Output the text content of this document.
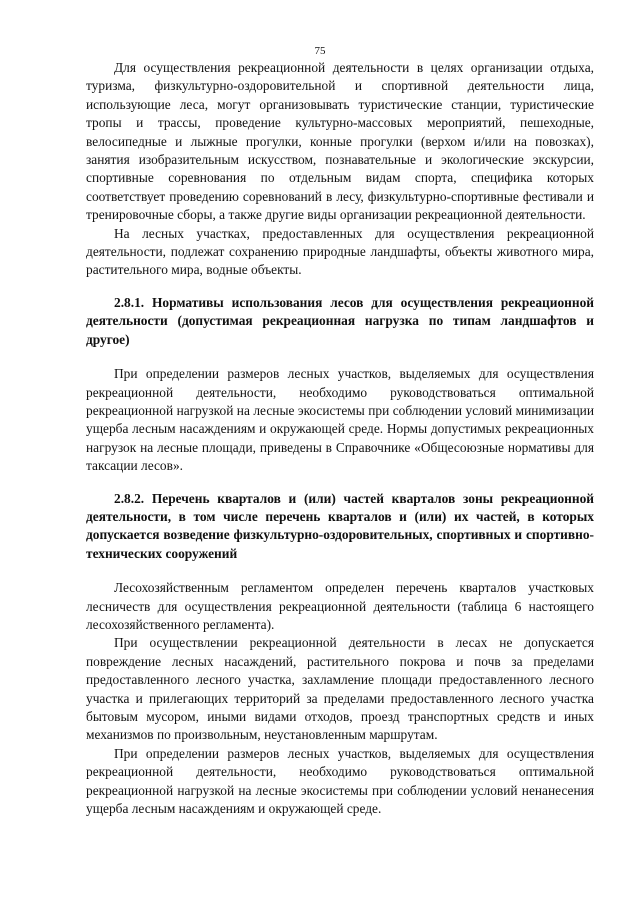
75

Для осуществления рекреационной деятельности в целях организации отдыха, туризма, физкультурно-оздоровительной и спортивной деятельности лица, использующие леса, могут организовывать туристические станции, туристические тропы и трассы, проведение культурно-массовых мероприятий, пешеходные, велосипедные и лыжные прогулки, конные прогулки (верхом и/или на повозках), занятия изобразительным искусством, познавательные и экологические экскурсии, спортивные соревнования по отдельным видам спорта, специфика которых соответствует проведению соревнований в лесу, физкультурно-спортивные фестивали и тренировочные сборы, а также другие виды организации рекреационной деятельности.

На лесных участках, предоставленных для осуществления рекреационной деятельности, подлежат сохранению природные ландшафты, объекты животного мира, растительного мира, водные объекты.

2.8.1. Нормативы использования лесов для осуществления рекреационной деятельности (допустимая рекреационная нагрузка по типам ландшафтов и другое)

При определении размеров лесных участков, выделяемых для осуществления рекреационной деятельности, необходимо руководствоваться оптимальной рекреационной нагрузкой на лесные экосистемы при соблюдении условий минимизации ущерба лесным насаждениям и окружающей среде. Нормы допустимых рекреационных нагрузок на лесные площади, приведены в Справочнике «Общесоюзные нормативы для таксации лесов».

2.8.2. Перечень кварталов и (или) частей кварталов зоны рекреационной деятельности, в том числе перечень кварталов и (или) их частей, в которых допускается возведение физкультурно-оздоровительных, спортивных и спортивно-технических сооружений

Лесохозяйственным регламентом определен перечень кварталов участковых лесничеств для осуществления рекреационной деятельности (таблица 6 настоящего лесохозяйственного регламента).

При осуществлении рекреационной деятельности в лесах не допускается повреждение лесных насаждений, растительного покрова и почв за пределами предоставленного лесного участка, захламление площади предоставленного лесного участка и прилегающих территорий за пределами предоставленного лесного участка бытовым мусором, иными видами отходов, проезд транспортных средств и иных механизмов по произвольным, неустановленным маршрутам.

При определении размеров лесных участков, выделяемых для осуществления рекреационной деятельности, необходимо руководствоваться оптимальной рекреационной нагрузкой на лесные экосистемы при соблюдении условий ненанесения ущерба лесным насаждениям и окружающей среде.
